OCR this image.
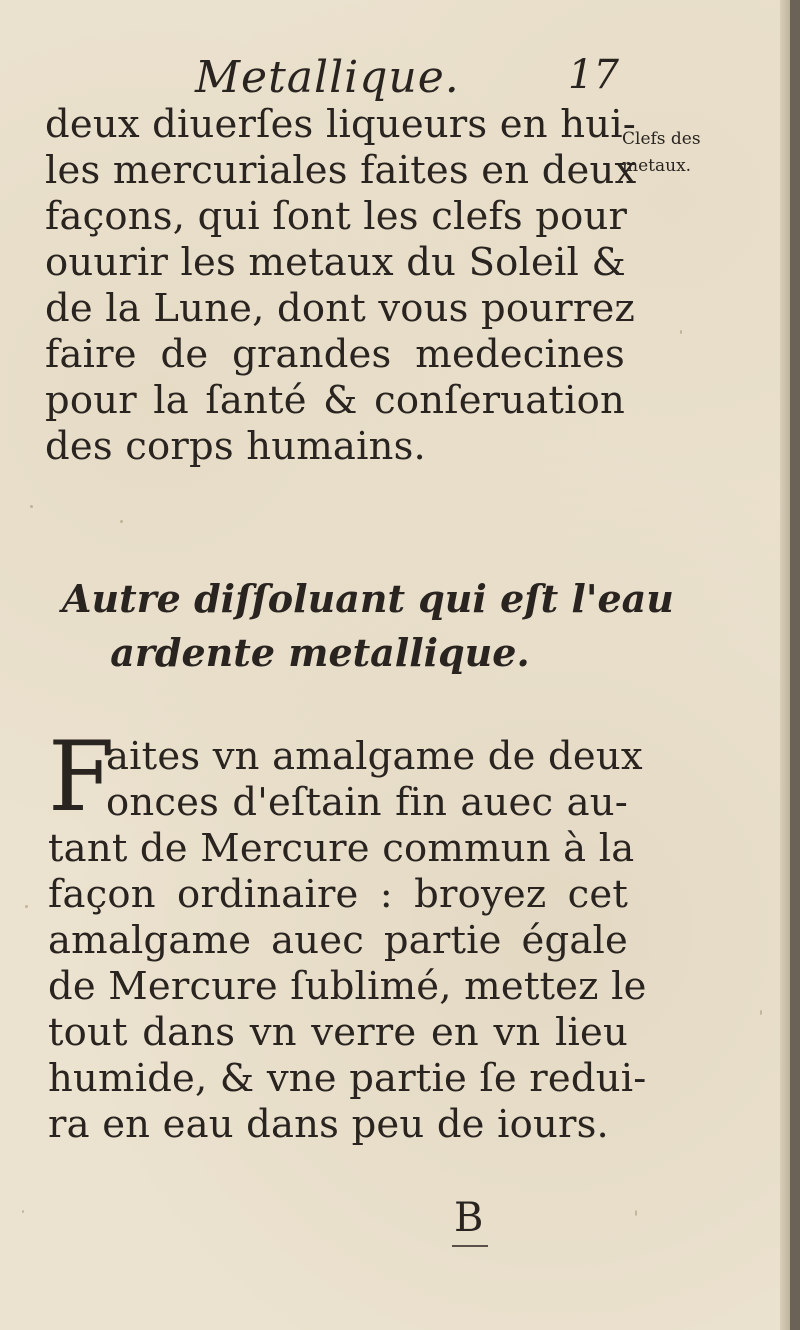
Metallique.	17
Clefs des
metaux.
deux diuerſes liqueurs en hui-
les mercuriales faites en deux
façons, qui ſont les clefs pour
ouurir les metaux du Soleil &
de la Lune, dont vous pourrez
faire de grandes medecines
pour la ſanté & conſeruation
des corps humains.
Autre diſſoluant qui eſt l'eau
ardente metallique.
F
aites vn amalgame de deux
onces d'eſtain fin auec au-
tant de Mercure commun à la
façon ordinaire : broyez cet
amalgame auec partie égale
de Mercure ſublimé, mettez le
tout dans vn verre en vn lieu
humide, & vne partie ſe redui-
ra en eau dans peu de iours.
B
